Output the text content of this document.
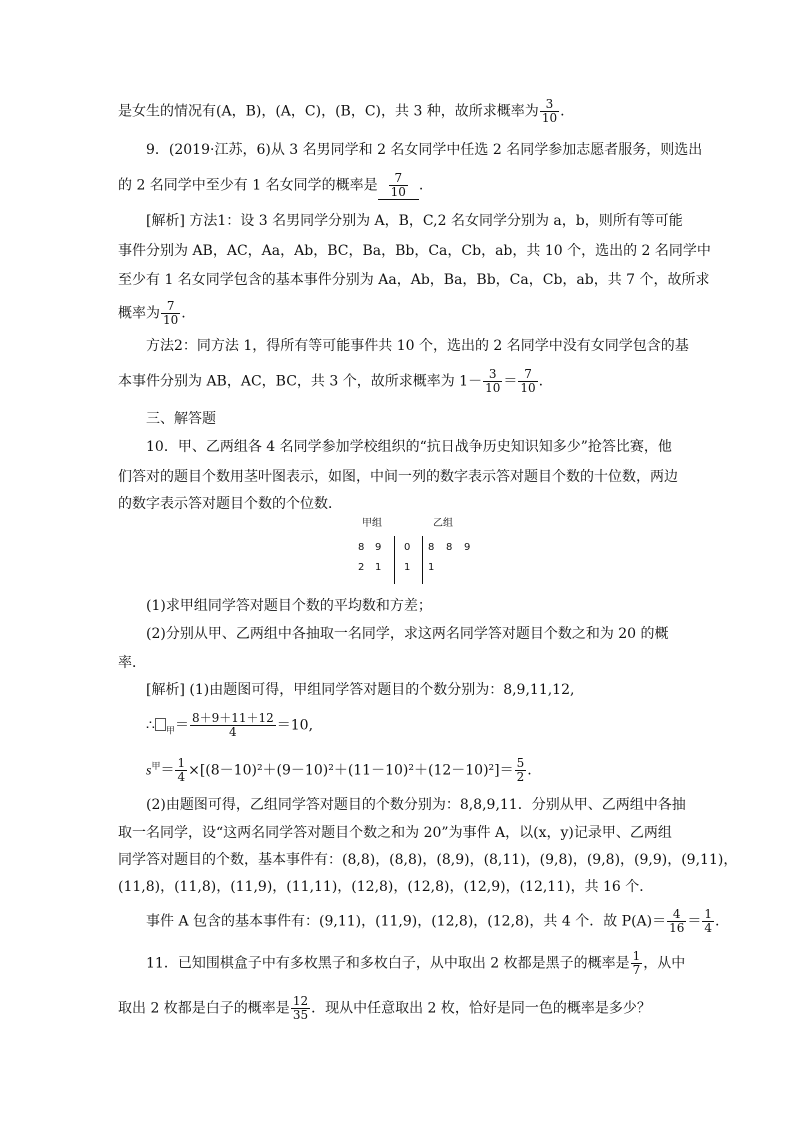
是女生的情况有(A，B)，(A，C)，(B，C)，共 3 种，故所求概率为 $\frac{3}{10}$ .
9．(2019·江苏，6)从 3 名男同学和 2 名女同学中任选 2 名同学参加志愿者服务，则选出
的 2 名同学中至少有 1 名女同学的概率是 $\frac{7}{10}$ .
[解析] 方法1：设 3 名男同学分别为 A，B，C,2 名女同学分别为 a，b，则所有等可能
事件分别为 AB，AC，Aa，Ab，BC，Ba，Bb，Ca，Cb，ab，共 10 个，选出的 2 名同学中
至少有 1 名女同学包含的基本事件分别为 Aa，Ab，Ba，Bb，Ca，Cb，ab，共 7 个，故所求
概率为 $\frac{7}{10}$ .
方法2：同方法 1，得所有等可能事件共 10 个，选出的 2 名同学中没有女同学包含的基
本事件分别为 AB，AC，BC，共 3 个，故所求概率为 $1- \frac{3}{10} = \frac{7}{10}$ .
三、解答题
10．甲、乙两组各 4 名同学参加学校组织的“抗日战争历史知识知多少”抢答比赛，他
们答对的题目个数用茎叶图表示，如图，中间一列的数字表示答对题目个数的十位数，两边
的数字表示答对题目个数的个位数．
甲组	乙组
8 9 0 8 8 9
2 1 1 1
(1)求甲组同学答对题目个数的平均数和方差；
(2)分别从甲、乙两组中各抽取一名同学，求这两名同学答对题目个数之和为 20 的概
率．
[解析] (1)由题图可得，甲组同学答对题目的个数分别为：8,9,11,12,
∴ $_甲= \frac{8+9+11+12}{4} =10$,
$s^甲= \frac{1}{4} \times[(8-10)^2+(9-10)^2+(11-10)^2+(12-10)^2]= \frac{5}{2}$ .
(2)由题图可得，乙组同学答对题目的个数分别为：8,8,9,11．分别从甲、乙两组中各抽
取一名同学，设“这两名同学答对题目个数之和为 20”为事件 A，以(x，y)记录甲、乙两组
同学答对题目的个数，基本事件有：(8,8)，(8,8)，(8,9)，(8,11)，(9,8)，(9,8)，(9,9)，(9,11)，
(11,8)，(11,8)，(11,9)，(11,11)，(12,8)，(12,8)，(12,9)，(12,11)，共 16 个．
事件 A 包含的基本事件有：(9,11)，(11,9)，(12,8)，(12,8)，共 4 个．故 $P(A)= \frac{4}{16} = \frac{1}{4}$ .
11．已知围棋盒子中有多枚黑子和多枚白子，从中取出 2 枚都是黑子的概率是 $\frac{1}{7}$ ，从中
取出 2 枚都是白子的概率是 $\frac{12}{35}$ ．现从中任意取出 2 枚，恰好是同一色的概率是多少？
